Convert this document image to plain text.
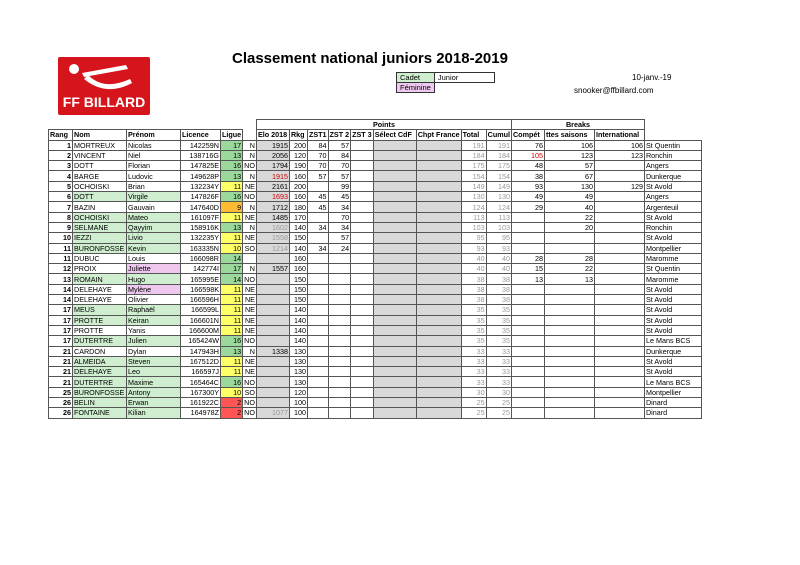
FF BILLARD
Classement national juniors 2018-2019
Cadet	Junior
Féminine	
10-janv.-19
snooker@ffbillard.com
						Points									Breaks			
Rang	Nom	Prénom	Licence	Ligue		Elo 2018	Rkg	ZST1	ZST 2	ZST 3	Sélect CdF	Chpt France	Total	Cumul	Compét	ttes saisons	International	
1	MORTREUX	Nicolas	142259N	17	N	1915	200	84	57				191	191	76	106	106	St Quentin
2	VINCENT	Niel	138716G	13	N	2056	120	70	84				184	184	105	123	123	Ronchin
3	DOTT	Florian	147825E	16	NO	1794	190	70	70				175	175	48	57		Angers
4	BARGE	Ludovic	149628P	13	N	1915	160	57	57				154	154	38	67		Dunkerque
5	OCHOISKI	Brian	132234Y	11	NE	2161	200		99				149	149	93	130	129	St Avold
6	DOTT	Virgile	147826F	16	NO	1693	160	45	45				130	130	49	49		Angers
7	BAZIN	Gauvain	147640D	9	N	1712	180	45	34				124	124	29	40		Argenteuil
8	OCHOISKI	Mateo	161097F	11	NE	1485	170		70				113	113		22		St Avold
9	SELMANE	Qayyim	158916K	13	N	1602	140	34	34				103	103		20		Ronchin
10	IEZZI	Livio	132235Y	11	NE	1558	150		57				95	95				St Avold
11	BURONFOSSE	Kevin	163335N	10	SO	1214	140	34	24				93	93				Montpellier
11	DUBUC	Louis	166098R	14			160						40	40	28	28		Maromme
12	PROIX	Juliette	142774I	17	N	1557	160						40	40	15	22		St Quentin
13	ROMAIN	Hugo	165995E	14	NO		150						38	38	13	13		Maromme
14	DELEHAYE	Mylène	166598K	11	NE		150						38	38				St Avold
14	DELEHAYE	Olivier	166596H	11	NE		150						38	38				St Avold
17	MEUS	Raphaël	166599L	11	NE		140						35	35				St Avold
17	PROTTE	Keiran	166601N	11	NE		140						35	35				St Avold
17	PROTTE	Yanis	166600M	11	NE		140						35	35				St Avold
17	DUTERTRE	Julien	165424W	16	NO		140						35	35				Le Mans BCS
21	CARDON	Dylan	147943H	13	N	1338	130						33	33				Dunkerque
21	ALMEIDA	Steven	167512D	11	NE		130						33	33				St Avold
21	DELEHAYE	Leo	166597J	11	NE		130						33	33				St Avold
21	DUTERTRE	Maxime	165464C	16	NO		130						33	33				Le Mans BCS
25	BURONFOSSE	Antony	167300Y	10	SO		120						30	30				Montpellier
26	BELIN	Erwan	161922C	2	NO		100						25	25				Dinard
26	FONTAINE	Kilian	164978Z	2	NO	1077	100						25	25				Dinard
